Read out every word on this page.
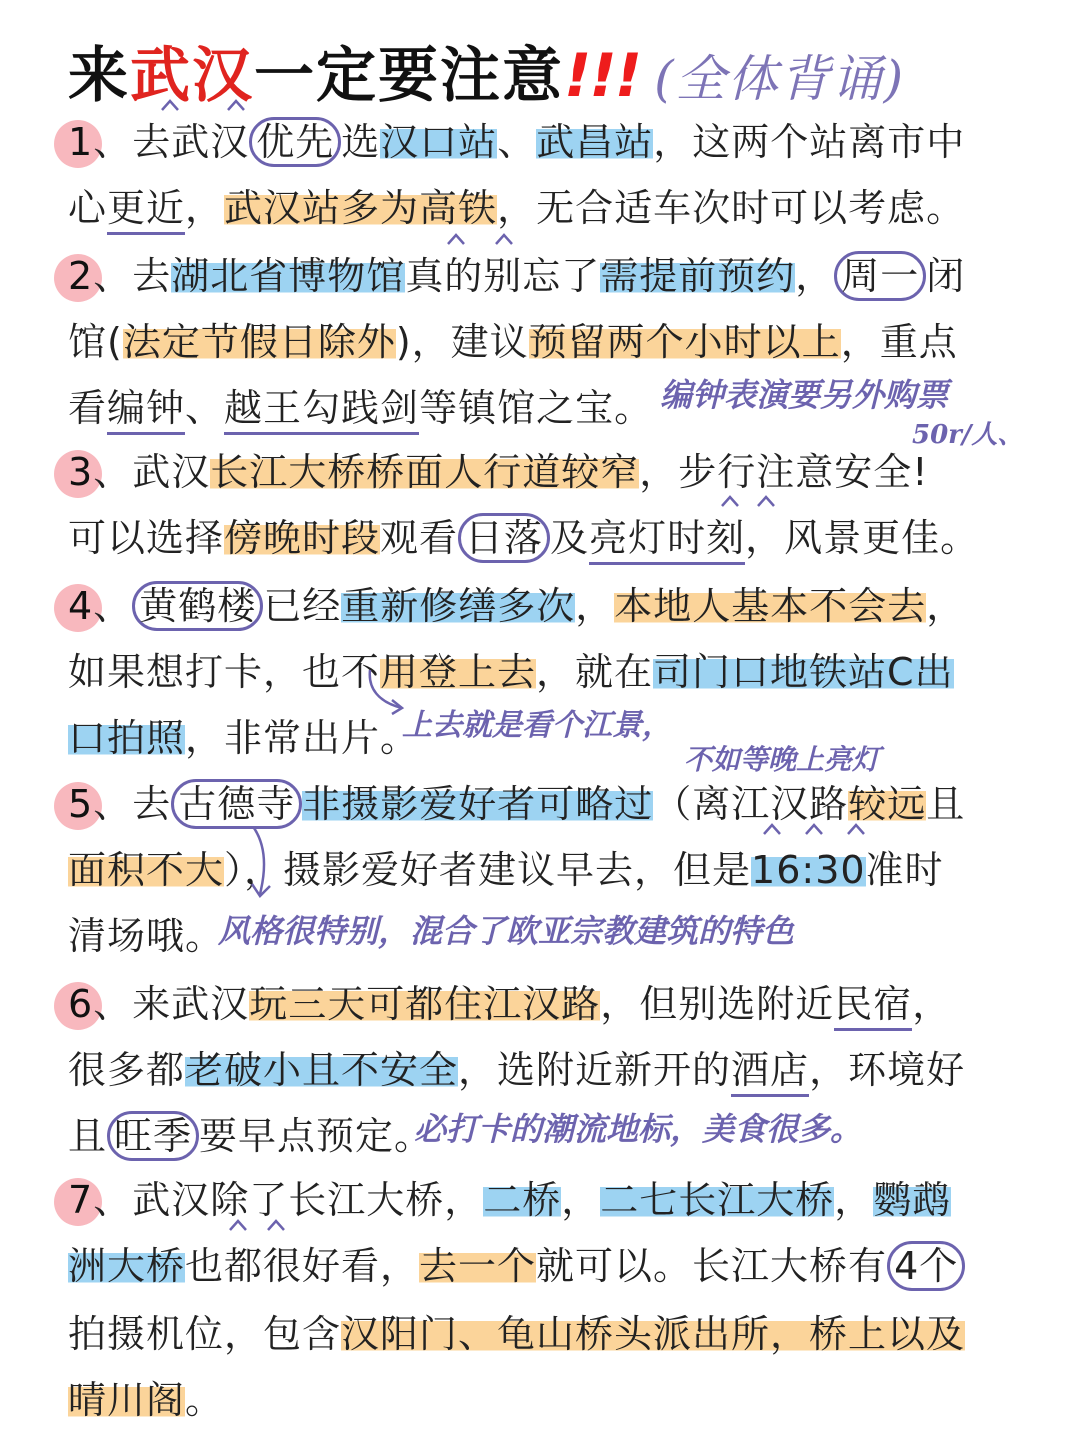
来武汉一定要注意!!! (全体背诵)
1、去武汉 优先 选汉口站、武昌站，这两个站离市中
心更近，武汉站多为高铁，无合适车次时可以考虑。
2、去湖北省博物馆真的别忘了需提前预约， 周一 闭
馆(法定节假日除外)，建议预留两个小时以上，重点
看编钟、越王勾践剑等镇馆之宝。
3、武汉长江大桥桥面人行道较窄，步行注意安全!
可以选择傍晚时段观看 日落 及亮灯时刻，风景更佳。
4、 黄鹤楼 已经重新修缮多次，本地人基本不会去，
如果想打卡，也不用登上去，就在司门口地铁站C出
口拍照，非常出片。
5、去 古德寺 非摄影爱好者可略过（离江汉路较远且
面积不大），摄影爱好者建议早去，但是16:30准时
清场哦。
6、来武汉玩三天可都住江汉路，但别选附近民宿，
很多都老破小且不安全，选附近新开的酒店，环境好
且 旺季 要早点预定。
7、武汉除了长江大桥，二桥，二七长江大桥，鹦鹉
洲大桥也都很好看，去一个就可以。长江大桥有 4个
拍摄机位，包含汉阳门、龟山桥头派出所，桥上以及
晴川阁。
编钟表演要另外购票
50r/人、
上去就是看个江景，
不如等晚上亮灯
风格很特别，混合了欧亚宗教建筑的特色
必打卡的潮流地标，美食很多。
